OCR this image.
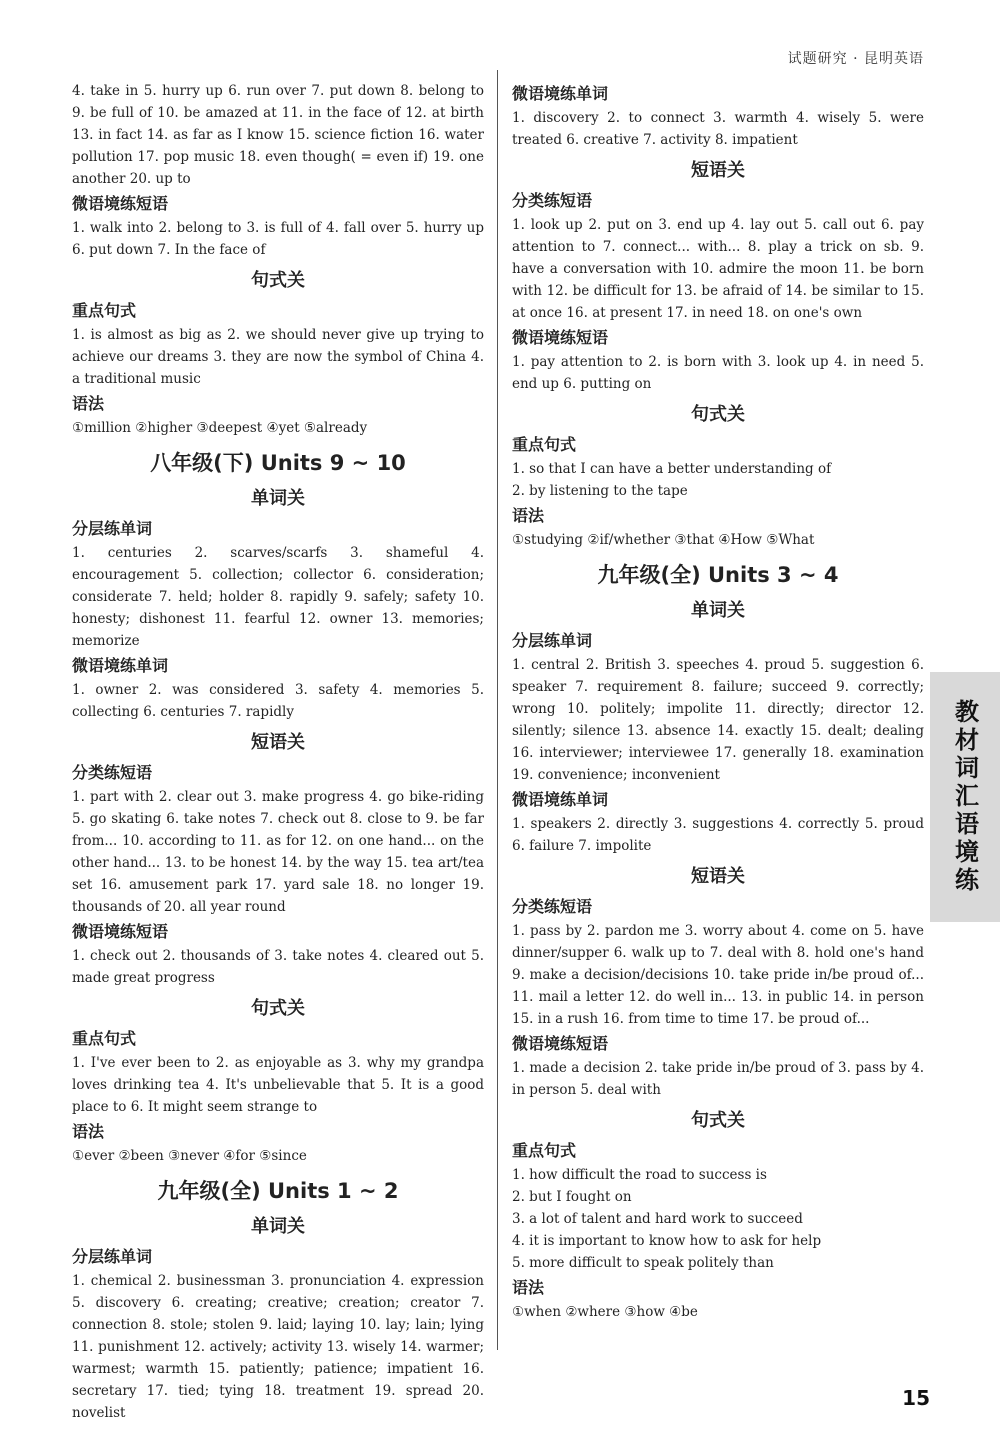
试题研究 · 昆明英语
4. take in 5. hurry up 6. run over 7. put down 8. belong to 9. be full of 10. be amazed at 11. in the face of 12. at birth 13. in fact 14. as far as I know 15. science fiction 16. water pollution 17. pop music 18. even though( = even if) 19. one another 20. up to
微语境练短语
1. walk into 2. belong to 3. is full of 4. fall over 5. hurry up 6. put down 7. In the face of
句式关
重点句式
1. is almost as big as 2. we should never give up trying to achieve our dreams 3. they are now the symbol of China 4. a traditional music
语法
①million ②higher ③deepest ④yet ⑤already
八年级(下) Units 9 ~ 10
单词关
分层练单词
1. centuries 2. scarves/scarfs 3. shameful 4. encouragement 5. collection; collector 6. consideration; considerate 7. held; holder 8. rapidly 9. safely; safety 10. honesty; dishonest 11. fearful 12. owner 13. memories; memorize
微语境练单词
1. owner 2. was considered 3. safety 4. memories 5. collecting 6. centuries 7. rapidly
短语关
分类练短语
1. part with 2. clear out 3. make progress 4. go bike-riding 5. go skating 6. take notes 7. check out 8. close to 9. be far from... 10. according to 11. as for 12. on one hand... on the other hand... 13. to be honest 14. by the way 15. tea art/tea set 16. amusement park 17. yard sale 18. no longer 19. thousands of 20. all year round
微语境练短语
1. check out 2. thousands of 3. take notes 4. cleared out 5. made great progress
句式关
重点句式
1. I've ever been to 2. as enjoyable as 3. why my grandpa loves drinking tea 4. It's unbelievable that 5. It is a good place to 6. It might seem strange to
语法
①ever ②been ③never ④for ⑤since
九年级(全) Units 1 ~ 2
单词关
分层练单词
1. chemical 2. businessman 3. pronunciation 4. expression 5. discovery 6. creating; creative; creation; creator 7. connection 8. stole; stolen 9. laid; laying 10. lay; lain; lying 11. punishment 12. actively; activity 13. wisely 14. warmer; warmest; warmth 15. patiently; patience; impatient 16. secretary 17. tied; tying 18. treatment 19. spread 20. novelist
微语境练单词
1. discovery 2. to connect 3. warmth 4. wisely 5. were treated 6. creative 7. activity 8. impatient
短语关
分类练短语
1. look up 2. put on 3. end up 4. lay out 5. call out 6. pay attention to 7. connect... with... 8. play a trick on sb. 9. have a conversation with 10. admire the moon 11. be born with 12. be difficult for 13. be afraid of 14. be similar to 15. at once 16. at present 17. in need 18. on one's own
微语境练短语
1. pay attention to 2. is born with 3. look up 4. in need 5. end up 6. putting on
句式关
重点句式
1. so that I can have a better understanding of
2. by listening to the tape
语法
①studying ②if/whether ③that ④How ⑤What
九年级(全) Units 3 ~ 4
单词关
分层练单词
1. central 2. British 3. speeches 4. proud 5. suggestion 6. speaker 7. requirement 8. failure; succeed 9. correctly; wrong 10. politely; impolite 11. directly; director 12. silently; silence 13. absence 14. exactly 15. dealt; dealing 16. interviewer; interviewee 17. generally 18. examination 19. convenience; inconvenient
微语境练单词
1. speakers 2. directly 3. suggestions 4. correctly 5. proud 6. failure 7. impolite
短语关
分类练短语
1. pass by 2. pardon me 3. worry about 4. come on 5. have dinner/supper 6. walk up to 7. deal with 8. hold one's hand 9. make a decision/decisions 10. take pride in/be proud of... 11. mail a letter 12. do well in... 13. in public 14. in person 15. in a rush 16. from time to time 17. be proud of...
微语境练短语
1. made a decision 2. take pride in/be proud of 3. pass by 4. in person 5. deal with
句式关
重点句式
1. how difficult the road to success is
2. but I fought on
3. a lot of talent and hard work to succeed
4. it is important to know how to ask for help
5. more difficult to speak politely than
语法
①when ②where ③how ④be
教材词汇语境练
15
